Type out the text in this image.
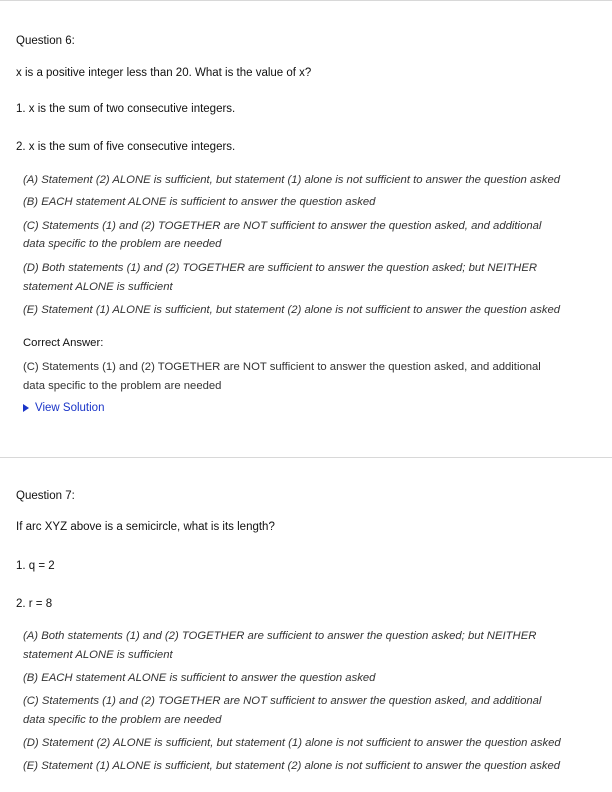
Question 6:
x is a positive integer less than 20. What is the value of x?
1. x is the sum of two consecutive integers.
2. x is the sum of five consecutive integers.
(A) Statement (2) ALONE is sufficient, but statement (1) alone is not sufficient to answer the question asked
(B) EACH statement ALONE is sufficient to answer the question asked
(C) Statements (1) and (2) TOGETHER are NOT sufficient to answer the question asked, and additional
data specific to the problem are needed
(D) Both statements (1) and (2) TOGETHER are sufficient to answer the question asked; but NEITHER
statement ALONE is sufficient
(E) Statement (1) ALONE is sufficient, but statement (2) alone is not sufficient to answer the question asked
Correct Answer:
(C) Statements (1) and (2) TOGETHER are NOT sufficient to answer the question asked, and additional
data specific to the problem are needed
View Solution
Question 7:
If arc XYZ above is a semicircle, what is its length?
1. q = 2
2. r = 8
(A) Both statements (1) and (2) TOGETHER are sufficient to answer the question asked; but NEITHER
statement ALONE is sufficient
(B) EACH statement ALONE is sufficient to answer the question asked
(C) Statements (1) and (2) TOGETHER are NOT sufficient to answer the question asked, and additional
data specific to the problem are needed
(D) Statement (2) ALONE is sufficient, but statement (1) alone is not sufficient to answer the question asked
(E) Statement (1) ALONE is sufficient, but statement (2) alone is not sufficient to answer the question asked
